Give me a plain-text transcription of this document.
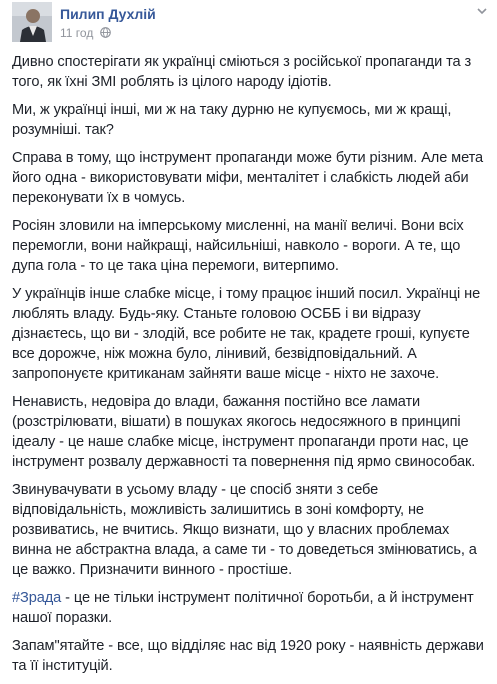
Пилип Духлій
11 год

Дивно спостерігати як українці сміються з російської пропаганди та з того, як їхні ЗМІ роблять із цілого народу ідіотів.

Ми, ж українці інші, ми ж на таку дурню не купуємось, ми ж кращі, розумніші. так?

Справа в тому, що інструмент пропаганди може бути різним. Але мета його одна - використовувати міфи, менталітет і слабкість людей аби переконувати їх в чомусь.

Росіян зловили на імперському мисленні, на манії величі. Вони всіх перемогли, вони найкращі, найсильніші, навколо - вороги. А те, що дупа гола - то це така ціна перемоги, витерпимо.

У українців інше слабке місце, і тому працює інший посил. Українці не люблять владу. Будь-яку. Станьте головою ОСББ і ви відразу дізнаєтесь, що ви - злодій, все робите не так, крадете гроші, купуєте все дорожче, ніж можна було, лінивий, безвідповідальний. А запропонуєте критиканам зайняти ваше місце - ніхто не захоче.

Ненависть, недовіра до влади, бажання постійно все ламати (розстрілювати, вішати) в пошуках якогось недосяжного в принципі ідеалу - це наше слабке місце, інструмент пропаганди проти нас, це інструмент розвалу державності та повернення під ярмо свинособак.

Звинувачувати в усьому владу - це спосіб зняти з себе відповідальність, можливість залишитись в зоні комфорту, не розвиватись, не вчитись. Якщо визнати, що у власних проблемах винна не абстрактна влада, а саме ти - то доведеться змінюватись, а це важко. Призначити винного - простіше.

#Зрада - це не тільки інструмент політичної боротьби, а й інструмент нашої поразки.

Запам"ятайте - все, що відділяє нас від 1920 року - наявність держави та її інституцій.
